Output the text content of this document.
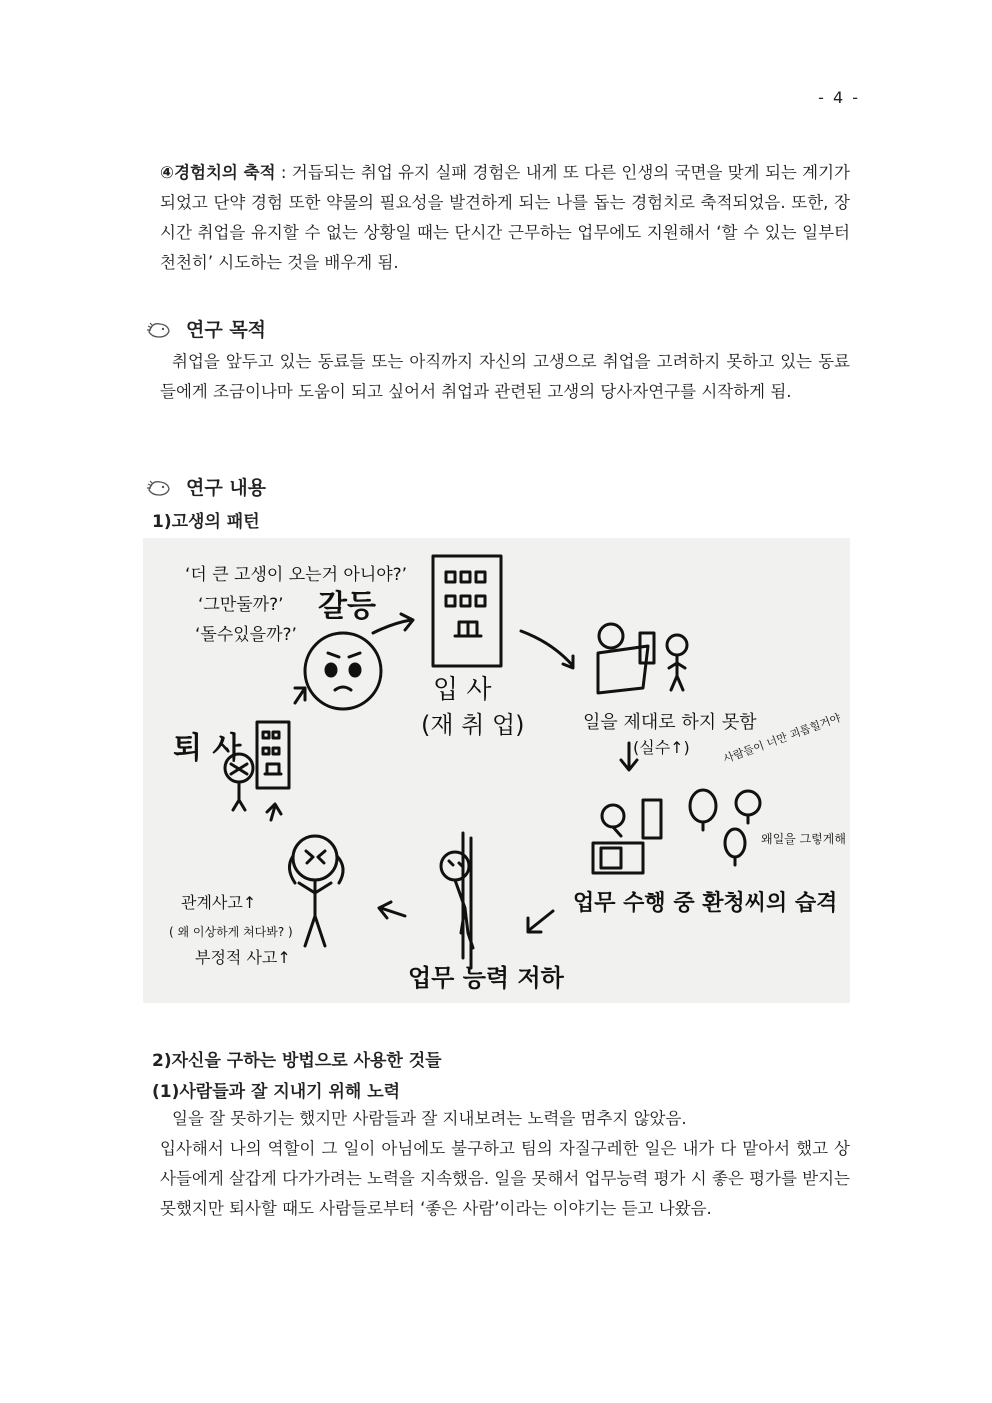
- 4 -

④경험치의 축적 : 거듭되는 취업 유지 실패 경험은 내게 또 다른 인생의 국면을 맞게 되는 계기가 되었고 단약 경험 또한 약물의 필요성을 발견하게 되는 나를 돕는 경험치로 축적되었음. 또한, 장시간 취업을 유지할 수 없는 상황일 때는 단시간 근무하는 업무에도 지원해서 ‘할 수 있는 일부터 천천히’ 시도하는 것을 배우게 됨.

연구 목적

취업을 앞두고 있는 동료들 또는 아직까지 자신의 고생으로 취업을 고려하지 못하고 있는 동료들에게 조금이나마 도움이 되고 싶어서 취업과 관련된 고생의 당사자연구를 시작하게 됨.

연구 내용
1)고생의 패턴
‘더 큰 고생이 오는거 아니야?’
‘그만둘까?’
‘돌수있을까?’
갈등
입 사
(재 취 업)	일을 제대로 하지 못함
(실수↑)	사람들이 너만 괴롭힐거야
왜일을 그렇게해
업무 수행 중 환청씨의 습격
업무 능력 저하
관계사고↑
( 왜 이상하게 쳐다봐? )
부정적 사고↑
퇴 사
2)자신을 구하는 방법으로 사용한 것들
(1)사람들과 잘 지내기 위해 노력

일을 잘 못하기는 했지만 사람들과 잘 지내보려는 노력을 멈추지 않았음.

입사해서 나의 역할이 그 일이 아님에도 불구하고 팀의 자질구레한 일은 내가 다 맡아서 했고 상사들에게 살갑게 다가가려는 노력을 지속했음. 일을 못해서 업무능력 평가 시 좋은 평가를 받지는 못했지만 퇴사할 때도 사람들로부터 ‘좋은 사람’이라는 이야기는 듣고 나왔음.
